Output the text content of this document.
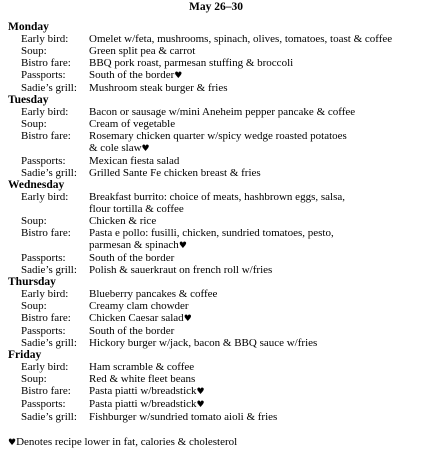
May 26–30
Monday
Early bird:	Omelet w/feta, mushrooms, spinach, olives, tomatoes, toast & coffee
Soup:	Green split pea & carrot
Bistro fare:	BBQ pork roast, parmesan stuffing & broccoli
Passports:	South of the border♥
Sadie’s grill:	Mushroom steak burger & fries
Tuesday
Early bird:	Bacon or sausage w/mini Aneheim pepper pancake & coffee
Soup:	Cream of vegetable
Bistro fare:	Rosemary chicken quarter w/spicy wedge roasted potatoes
& cole slaw♥
Passports:	Mexican fiesta salad
Sadie’s grill:	Grilled Sante Fe chicken breast & fries
Wednesday
Early bird:	Breakfast burrito: choice of meats, hashbrown eggs, salsa,
flour tortilla & coffee
Soup:	Chicken & rice
Bistro fare:	Pasta e pollo: fusilli, chicken, sundried tomatoes, pesto,
parmesan & spinach♥
Passports:	South of the border
Sadie’s grill:	Polish & sauerkraut on french roll w/fries
Thursday
Early bird:	Blueberry pancakes & coffee
Soup:	Creamy clam chowder
Bistro fare:	Chicken Caesar salad♥
Passports:	South of the border
Sadie’s grill:	Hickory burger w/jack, bacon & BBQ sauce w/fries
Friday
Early bird:	Ham scramble & coffee
Soup:	Red & white fleet beans
Bistro fare:	Pasta piatti w/breadstick♥
Passports:	Pasta piatti w/breadstick♥
Sadie’s grill:	Fishburger w/sundried tomato aioli & fries
♥Denotes recipe lower in fat, calories & cholesterol
